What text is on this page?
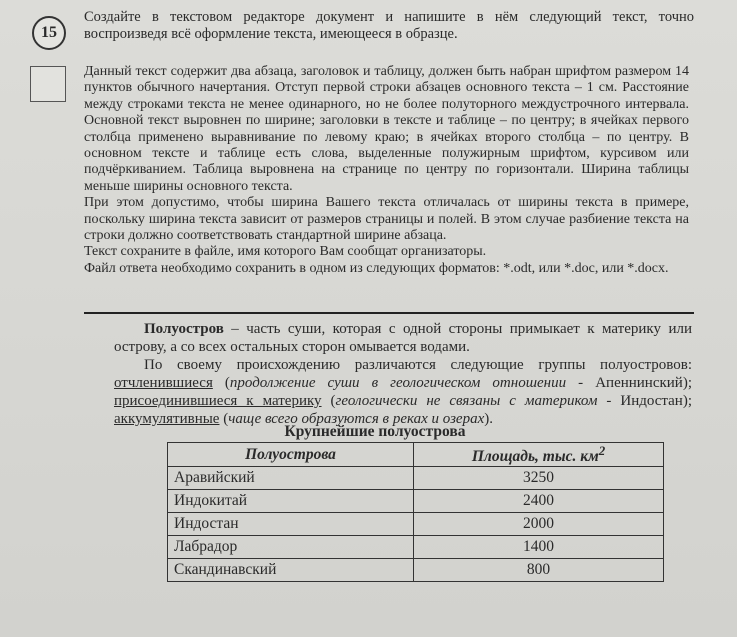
15
Создайте в текстовом редакторе документ и напишите в нём следующий текст, точно воспроизведя всё оформление текста, имеющееся в образце.

Данный текст содержит два абзаца, заголовок и таблицу, должен быть набран шрифтом размером 14 пунктов обычного начертания. Отступ первой строки абзацев основного текста – 1 см. Расстояние между строками текста не менее одинарного, но не более полуторного междустрочного интервала. Основной текст выровнен по ширине; заголовки в тексте и таблице – по центру; в ячейках первого столбца применено выравнивание по левому краю; в ячейках второго столбца – по центру. В основном тексте и таблице есть слова, выделенные полужирным шрифтом, курсивом или подчёркиванием. Таблица выровнена на странице по центру по горизонтали. Ширина таблицы меньше ширины основного текста.

При этом допустимо, чтобы ширина Вашего текста отличалась от ширины текста в примере, поскольку ширина текста зависит от размеров страницы и полей. В этом случае разбиение текста на строки должно соответствовать стандартной ширине абзаца.

Текст сохраните в файле, имя которого Вам сообщат организаторы.

Файл ответа необходимо сохранить в одном из следующих форматов: *.odt, или *.doc, или *.docx.

Полуостров – часть суши, которая с одной стороны примыкает к материку или острову, а со всех остальных сторон омывается водами.

По своему происхождению различаются следующие группы полуостровов: отчленившиеся (продолжение суши в геологическом отношении - Апеннинский); присоединившиеся к материку (геологически не связаны с материком - Индостан); аккумулятивные (чаще всего образуются в реках и озерах).

Крупнейшие полуострова
Полуострова	Площадь, тыс. $км^2$
Аравийский	3250
Индокитай	2400
Индостан	2000
Лабрадор	1400
Скандинавский	800
